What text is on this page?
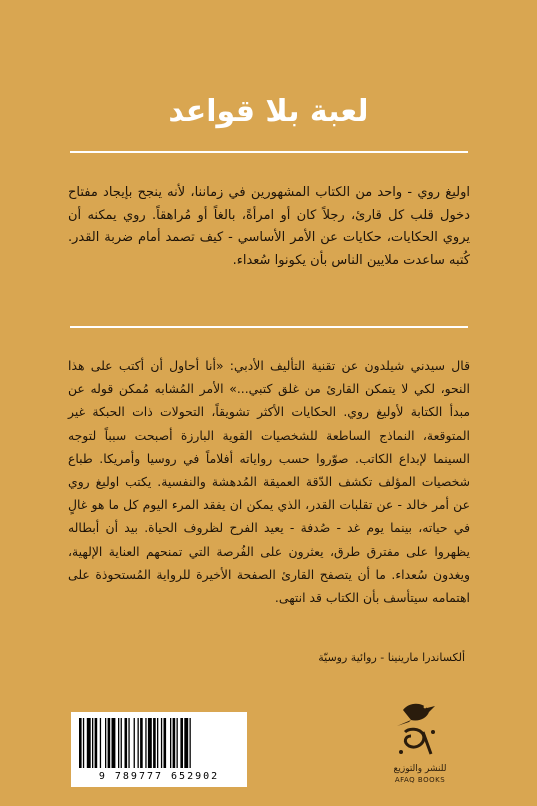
لعبة بلا قواعد
اوليغ روي - واحد من الكتاب المشهورين في زماننا، لأنه ينجح بإيجاد مفتاح دخول قلب كل قارئ، رجلاً كان أو امرأةً، بالغاً أو مُراهقاً. روي يمكنه أن يروي الحكايات، حكايات عن الأمر الأساسي - كيف تصمد أمام ضربة القدر. كُتبه ساعدت ملايين الناس بأن يكونوا سُعداء.
قال سيدني شيلدون عن تقنية التأليف الأدبي: «أنا أحاول أن أكتب على هذا النحو، لكي لا يتمكن القارئ من غلق كتبي...» الأمر المُشابه مُمكن قوله عن مبدأ الكتابة لأوليغ روي. الحكايات الأكثر تشويقاً، التحولات ذات الحبكة غير المتوقعة، النماذج الساطعة للشخصيات القوية البارزة أصبحت سبباً لتوجه السينما لإبداع الكاتب. صوّروا حسب رواياته أفلاماً في روسيا وأمريكا. طباع شخصيات المؤلف تكشف الدّقة العميقة المُدهشة والنفسية. يكتب اوليغ روي عن أمر خالد - عن تقلبات القدر، الذي يمكن ان يفقد المرء اليوم كل ما هو غالٍ في حياته، بينما يوم غد - صُدفة - يعيد الفرح لظروف الحياة. بيد أن أبطاله يظهروا على مفترق طرق، يعثرون على الفُرصة التي تمنحهم العناية الإلهية، ويغدون سُعداء. ما أن يتصفح القارئ الصفحة الأخيرة للرواية المُستحوذة على اهتمامه سيتأسف بأن الكتاب قد انتهى.
ألكساندرا مارينينا - روائية روسيّة
9 789777 652902
للنشر والتوزيع
AFAQ BOOKS
